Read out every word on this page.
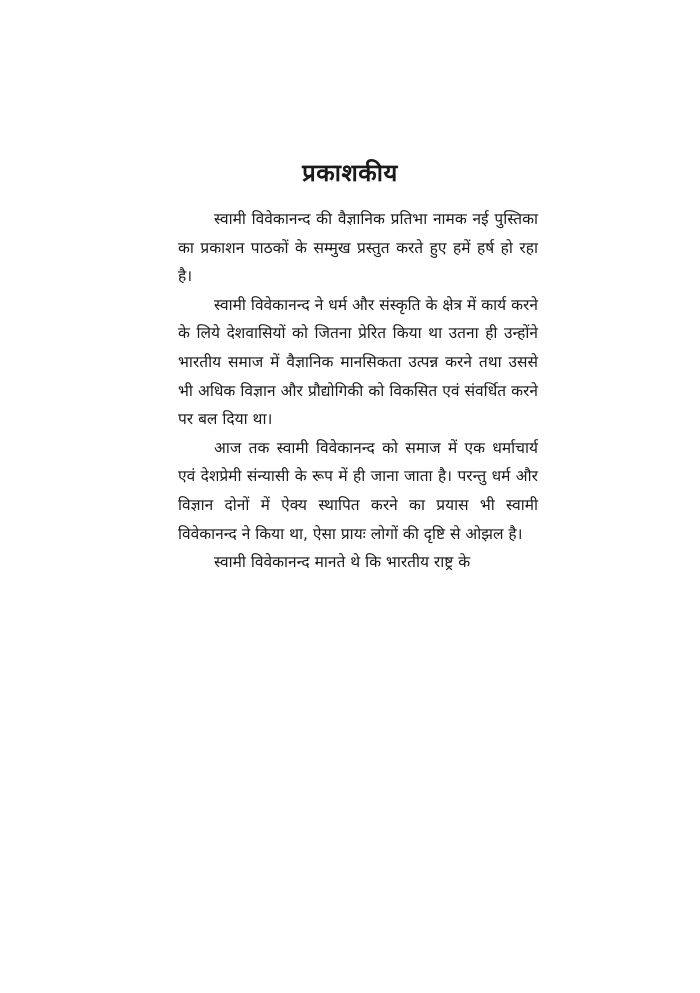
प्रकाशकीय

स्वामी विवेकानन्द की वैज्ञानिक प्रतिभा नामक नई पुस्तिका का प्रकाशन पाठकों के सम्मुख प्रस्तुत करते हुए हमें हर्ष हो रहा है।

स्वामी विवेकानन्द ने धर्म और संस्कृति के क्षेत्र में कार्य करने के लिये देशवासियों को जितना प्रेरित किया था उतना ही उन्होंने भारतीय समाज में वैज्ञानिक मानसिकता उत्पन्न करने तथा उससे भी अधिक विज्ञान और प्रौद्योगिकी को विकसित एवं संवर्धित करने पर बल दिया था।

आज तक स्वामी विवेकानन्द को समाज में एक धर्माचार्य एवं देशप्रेमी संन्यासी के रूप में ही जाना जाता है। परन्तु धर्म और विज्ञान दोनों में ऐक्य स्थापित करने का प्रयास भी स्वामी विवेकानन्द ने किया था, ऐसा प्रायः लोगों की दृष्टि से ओझल है।

स्वामी विवेकानन्द मानते थे कि भारतीय राष्ट्र के
